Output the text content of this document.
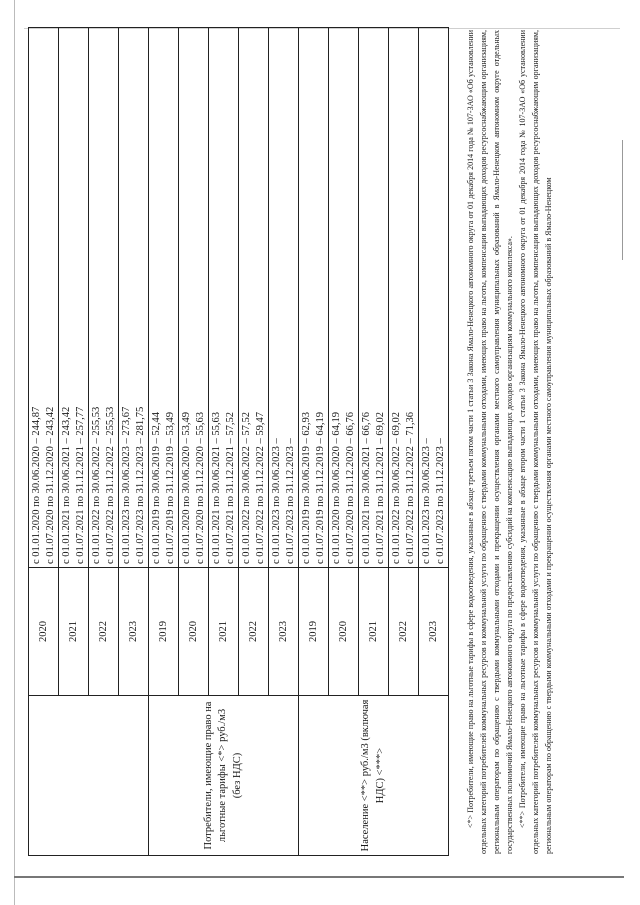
	2020	с 01.01.2020 по 30.06.2020 – 244,87 с 01.07.2020 по 31.12.2020 – 243,42

	2021	с 01.01.2021 по 30.06.2021 – 243,42 с 01.07.2021 по 31.12.2021 – 257,77

	2022	с 01.01.2022 по 30.06.2022 – 255,53 с 01.07.2022 по 31.12.2022 – 255,53

	2023	с 01.01.2023 по 30.06.2023 – 273,67 с 01.07.2023 по 31.12.2023 – 281,75

Потребители, имеющие право на льготные тарифы <*> руб./м3 (без НДС)	2019	с 01.01.2019 по 30.06.2019 – 52,44 с 01.07.2019 по 31.12.2019 – 53,49

	2020	с 01.01.2020 по 30.06.2020 – 53,49 с 01.07.2020 по 31.12.2020 – 55,63

	2021	с 01.01.2021 по 30.06.2021 – 55,63 с 01.07.2021 по 31.12.2021 – 57,52

	2022	с 01.01.2022 по 30.06.2022 – 57,52 с 01.07.2022 по 31.12.2022 – 59,47

	2023	с 01.01.2023 по 30.06.2023 – с 01.07.2023 по 31.12.2023 –

Население <**> руб./м3 (включая НДС) <***>	2019	с 01.01.2019 по 30.06.2019 – 62,93 с 01.07.2019 по 31.12.2019 – 64,19

	2020	с 01.01.2020 по 30.06.2020 – 64,19 с 01.07.2020 по 31.12.2020 – 66,76

	2021	с 01.01.2021 по 30.06.2021 – 66,76 с 01.07.2021 по 31.12.2021 – 69,02

	2022	с 01.01.2022 по 30.06.2022 – 69,02 с 01.07.2022 по 31.12.2022 – 71,36

	2023	с 01.01.2023 по 30.06.2023 – с 01.07.2023 по 31.12.2023 –	<*> Потребители, имеющие право на льготные тарифы в сфере водоотведения, указанные в абзаце третьем пятом части 1 статьи 3 Закона Ямало-Ненецкого автономного округа от 01 декабря 2014 года № 107-ЗАО «Об установлении отдельных категорий потребителей коммунальных ресурсов и коммунальной услуги по обращению с твердыми коммунальными отходами, имеющих право на льготы, компенсации выпадающих доходов ресурсоснабжающим организациям, региональным операторам по обращению с твердыми коммунальными отходами и прекращении осуществления органами местного самоуправления муниципальных образований в Ямало-Ненецком автономном округе отдельных государственных полномочий Ямало-Ненецкого автономного округа по предоставлению субсидий на компенсацию выпадающих доходов организациям коммунального комплекса». <**> Потребители, имеющие право на льготные тарифы в сфере водоотведения, указанные в абзаце втором части 1 статьи 3 Закона Ямало-Ненецкого автономного округа от 01 декабря 2014 года № 107-ЗАО «Об установлении отдельных категорий потребителей коммунальных ресурсов и коммунальной услуги по обращению с твердыми коммунальными отходами, имеющих право на льготы, компенсации выпадающих доходов ресурсоснабжающим организациям, региональным операторам по обращению с твердыми коммунальными отходами и прекращении осуществления органами местного самоуправления муниципальных образований в Ямало-Ненецком
